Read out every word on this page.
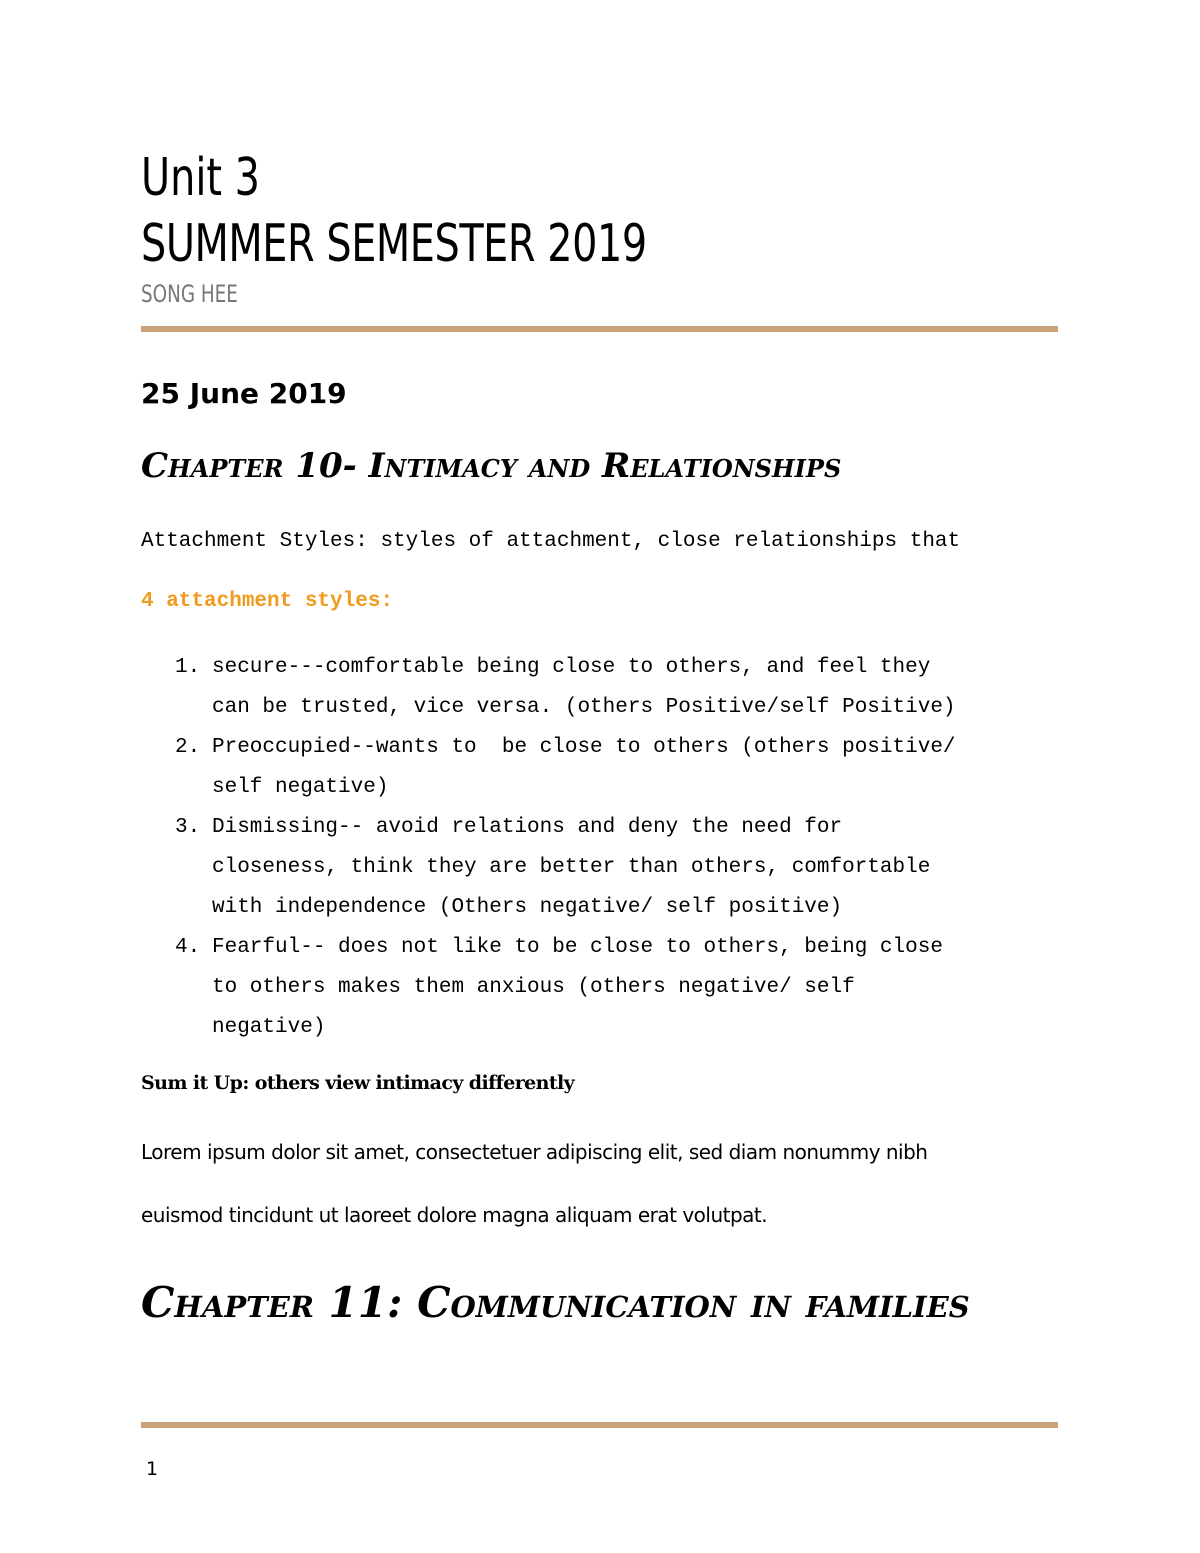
Unit 3
SUMMER SEMESTER 2019

SONG HEE

25 June 2019
Chapter 10- Intimacy and Relationships

Attachment Styles: styles of attachment, close relationships that

4 attachment styles:

1. secure---comfortable being close to others, and feel they
can be trusted, vice versa. (others Positive/self Positive)
2. Preoccupied--wants to  be close to others (others positive/
self negative)
3. Dismissing-- avoid relations and deny the need for
closeness, think they are better than others, comfortable
with independence (Others negative/ self positive)
4. Fearful-- does not like to be close to others, being close
to others makes them anxious (others negative/ self
negative)

Sum it Up: others view intimacy differently

Lorem ipsum dolor sit amet, consectetuer adipiscing elit, sed diam nonummy nibh

euismod tincidunt ut laoreet dolore magna aliquam erat volutpat.

Chapter 11: Communication in families

1
